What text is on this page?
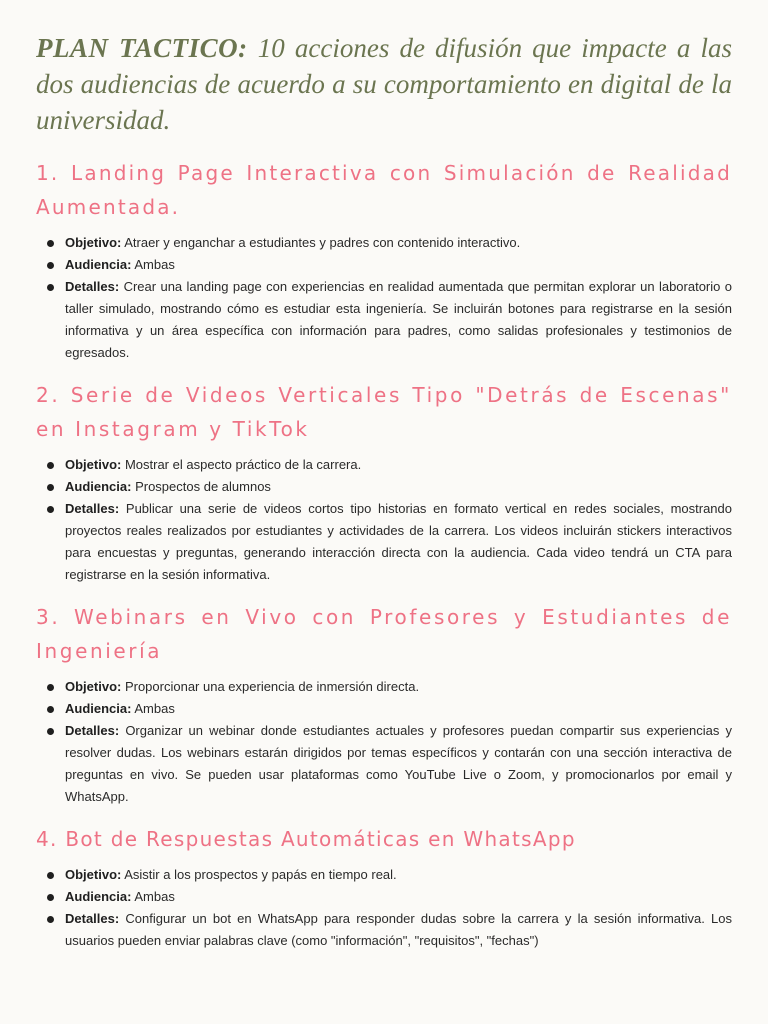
PLAN TACTICO: 10 acciones de difusión que impacte a las dos audiencias de acuerdo a su comportamiento en digital de la universidad.

1. Landing Page Interactiva con Simulación de Realidad Aumentada.
Objetivo: Atraer y enganchar a estudiantes y padres con contenido interactivo.
Audiencia: Ambas
Detalles: Crear una landing page con experiencias en realidad aumentada que permitan explorar un laboratorio o taller simulado, mostrando cómo es estudiar esta ingeniería. Se incluirán botones para registrarse en la sesión informativa y un área específica con información para padres, como salidas profesionales y testimonios de egresados.
2. Serie de Videos Verticales Tipo "Detrás de Escenas" en Instagram y TikTok
Objetivo: Mostrar el aspecto práctico de la carrera.
Audiencia: Prospectos de alumnos
Detalles: Publicar una serie de videos cortos tipo historias en formato vertical en redes sociales, mostrando proyectos reales realizados por estudiantes y actividades de la carrera. Los videos incluirán stickers interactivos para encuestas y preguntas, generando interacción directa con la audiencia. Cada video tendrá un CTA para registrarse en la sesión informativa.
3. Webinars en Vivo con Profesores y Estudiantes de Ingeniería
Objetivo: Proporcionar una experiencia de inmersión directa.
Audiencia: Ambas
Detalles: Organizar un webinar donde estudiantes actuales y profesores puedan compartir sus experiencias y resolver dudas. Los webinars estarán dirigidos por temas específicos y contarán con una sección interactiva de preguntas en vivo. Se pueden usar plataformas como YouTube Live o Zoom, y promocionarlos por email y WhatsApp.
4. Bot de Respuestas Automáticas en WhatsApp
Objetivo: Asistir a los prospectos y papás en tiempo real.
Audiencia: Ambas
Detalles: Configurar un bot en WhatsApp para responder dudas sobre la carrera y la sesión informativa. Los usuarios pueden enviar palabras clave (como "información", "requisitos", "fechas")
